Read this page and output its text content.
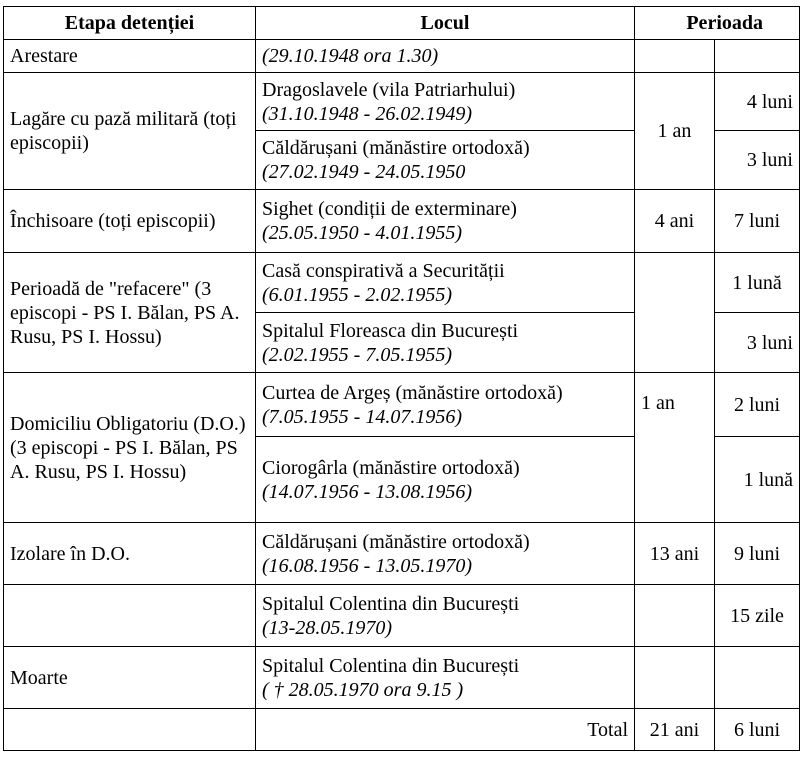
Etapa detenției	Locul	Perioada	

Arestare	(29.10.1948 ora 1.30)		

Lagăre cu pază militară (toți episcopii)	Dragoslavele (vila Patriarhului)
(31.10.1948 - 26.02.1949)	1 an	4 luni

	Căldărușani (mănăstire ortodoxă)
(27.02.1949 - 24.05.1950		3 luni

Închisoare (toți episcopii)	Sighet (condiții de exterminare)
(25.05.1950 - 4.01.1955)	4 ani	7 luni

Perioadă de "refacere" (3 episcopi - PS I. Bălan, PS A. Rusu, PS I. Hossu)	Casă conspirativă a Securității
(6.01.1955 - 2.02.1955)		1 lună

	Spitalul Floreasca din București
(2.02.1955 - 7.05.1955)		3 luni

Domiciliu Obligatoriu (D.O.) (3 episcopi - PS I. Bălan, PS A. Rusu, PS I. Hossu)	Curtea de Argeș (mănăstire ortodoxă)
(7.05.1955 - 14.07.1956)	1 an	2 luni

	Ciorogârla (mănăstire ortodoxă)
(14.07.1956 - 13.08.1956)		1 lună

Izolare în D.O.	Căldărușani (mănăstire ortodoxă)
(16.08.1956 - 13.05.1970)	13 ani	9 luni

	Spitalul Colentina din București
(13-28.05.1970)		15 zile

Moarte	Spitalul Colentina din București
( † 28.05.1970 ora 9.15 )		

	Total	21 ani	6 luni
